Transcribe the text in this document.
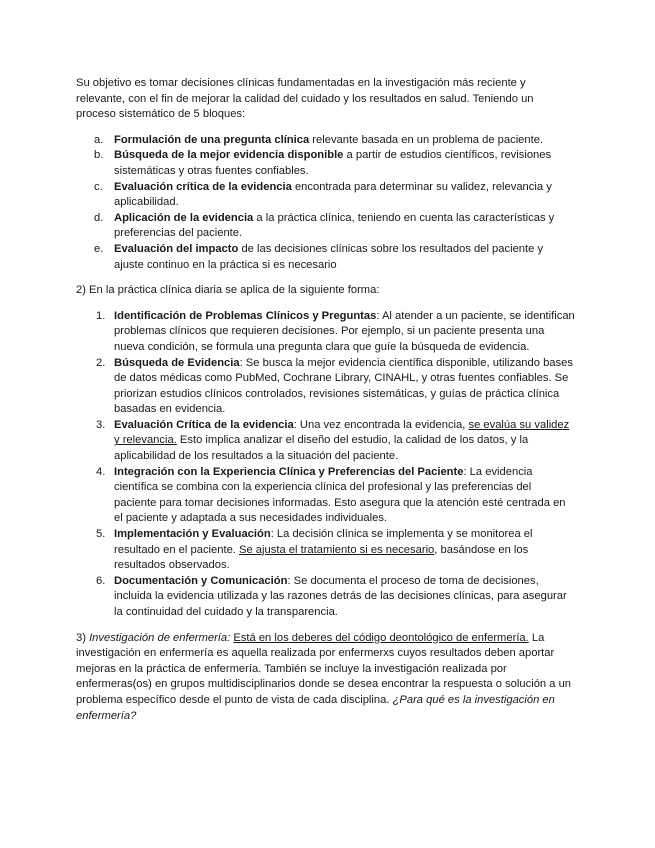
Su objetivo es tomar decisiones clínicas fundamentadas en la investigación más reciente y relevante, con el fin de mejorar la calidad del cuidado y los resultados en salud. Teniendo un proceso sistemático de 5 bloques:

a. Formulación de una pregunta clínica relevante basada en un problema de paciente.
b. Búsqueda de la mejor evidencia disponible a partir de estudios científicos, revisiones sistemáticas y otras fuentes confiables.
c. Evaluación crítica de la evidencia encontrada para determinar su validez, relevancia y aplicabilidad.
d. Aplicación de la evidencia a la práctica clínica, teniendo en cuenta las características y preferencias del paciente.
e. Evaluación del impacto de las decisiones clínicas sobre los resultados del paciente y ajuste continuo en la práctica si es necesario

2) En la práctica clínica diaria se aplica de la siguiente forma:

1. Identificación de Problemas Clínicos y Preguntas: Al atender a un paciente, se identifican problemas clínicos que requieren decisiones. Por ejemplo, si un paciente presenta una nueva condición, se formula una pregunta clara que guíe la búsqueda de evidencia.
2. Búsqueda de Evidencia: Se busca la mejor evidencia científica disponible, utilizando bases de datos médicas como PubMed, Cochrane Library, CINAHL, y otras fuentes confiables. Se priorizan estudios clínicos controlados, revisiones sistemáticas, y guías de práctica clínica basadas en evidencia.
3. Evaluación Crítica de la evidencia: Una vez encontrada la evidencia, se evalúa su validez y relevancia. Esto implica analizar el diseño del estudio, la calidad de los datos, y la aplicabilidad de los resultados a la situación del paciente.
4. Integración con la Experiencia Clínica y Preferencias del Paciente: La evidencia científica se combina con la experiencia clínica del profesional y las preferencias del paciente para tomar decisiones informadas. Esto asegura que la atención esté centrada en el paciente y adaptada a sus necesidades individuales.
5. Implementación y Evaluación: La decisión clínica se implementa y se monitorea el resultado en el paciente. Se ajusta el tratamiento si es necesario, basándose en los resultados observados.
6. Documentación y Comunicación: Se documenta el proceso de toma de decisiones, incluida la evidencia utilizada y las razones detrás de las decisiones clínicas, para asegurar la continuidad del cuidado y la transparencia.

3) Investigación de enfermería: Está en los deberes del código deontológico de enfermería. La investigación en enfermería es aquella realizada por enfermerxs cuyos resultados deben aportar mejoras en la práctica de enfermería. También se incluye la investigación realizada por enfermeras(os) en grupos multidisciplinarios donde se desea encontrar la respuesta o solución a un problema específico desde el punto de vista de cada disciplina. ¿Para qué es la investigación en enfermería?
